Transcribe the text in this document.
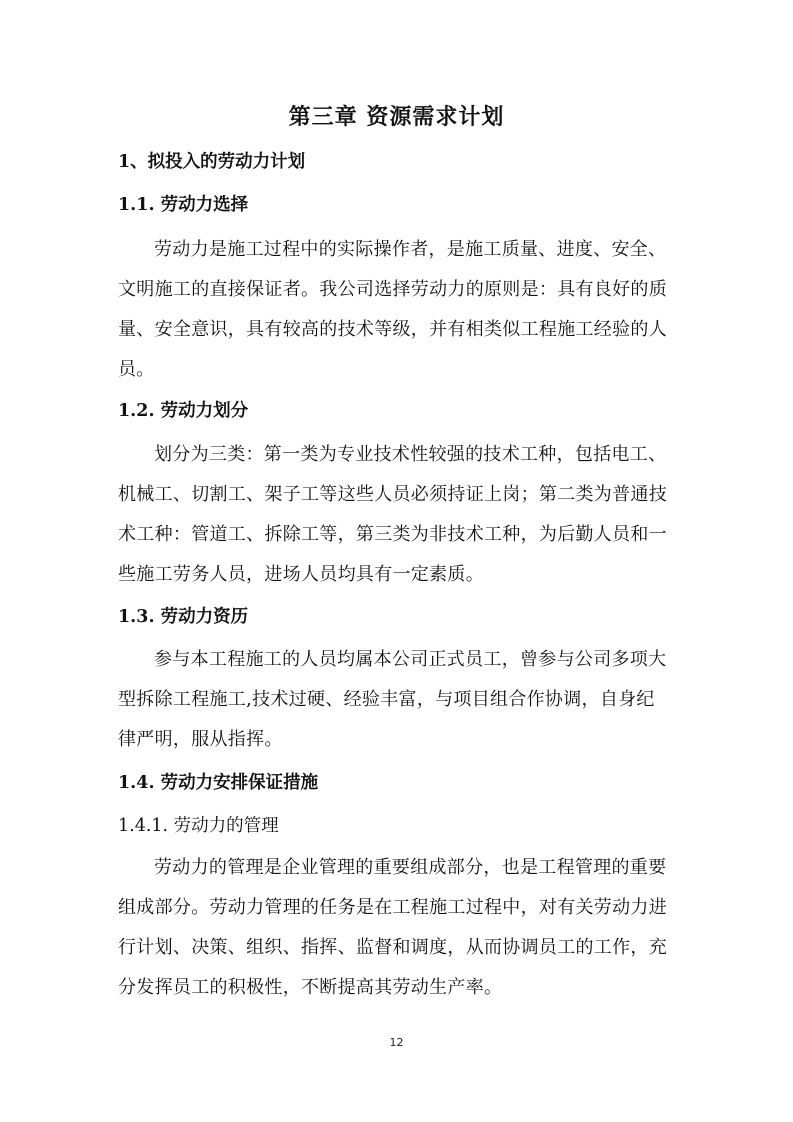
第三章 资源需求计划
1、拟投入的劳动力计划
1.1. 劳动力选择
劳动力是施工过程中的实际操作者，是施工质量、进度、安全、
文明施工的直接保证者。我公司选择劳动力的原则是：具有良好的质
量、安全意识，具有较高的技术等级，并有相类似工程施工经验的人
员。
1.2. 劳动力划分
划分为三类：第一类为专业技术性较强的技术工种，包括电工、
机械工、切割工、架子工等这些人员必须持证上岗；第二类为普通技
术工种：管道工、拆除工等，第三类为非技术工种，为后勤人员和一
些施工劳务人员，进场人员均具有一定素质。
1.3. 劳动力资历
参与本工程施工的人员均属本公司正式员工，曾参与公司多项大
型拆除工程施工,技术过硬、经验丰富，与项目组合作协调，自身纪
律严明，服从指挥。
1.4. 劳动力安排保证措施
1.4.1. 劳动力的管理
劳动力的管理是企业管理的重要组成部分，也是工程管理的重要
组成部分。劳动力管理的任务是在工程施工过程中，对有关劳动力进
行计划、决策、组织、指挥、监督和调度，从而协调员工的工作，充
分发挥员工的积极性，不断提高其劳动生产率。
12
